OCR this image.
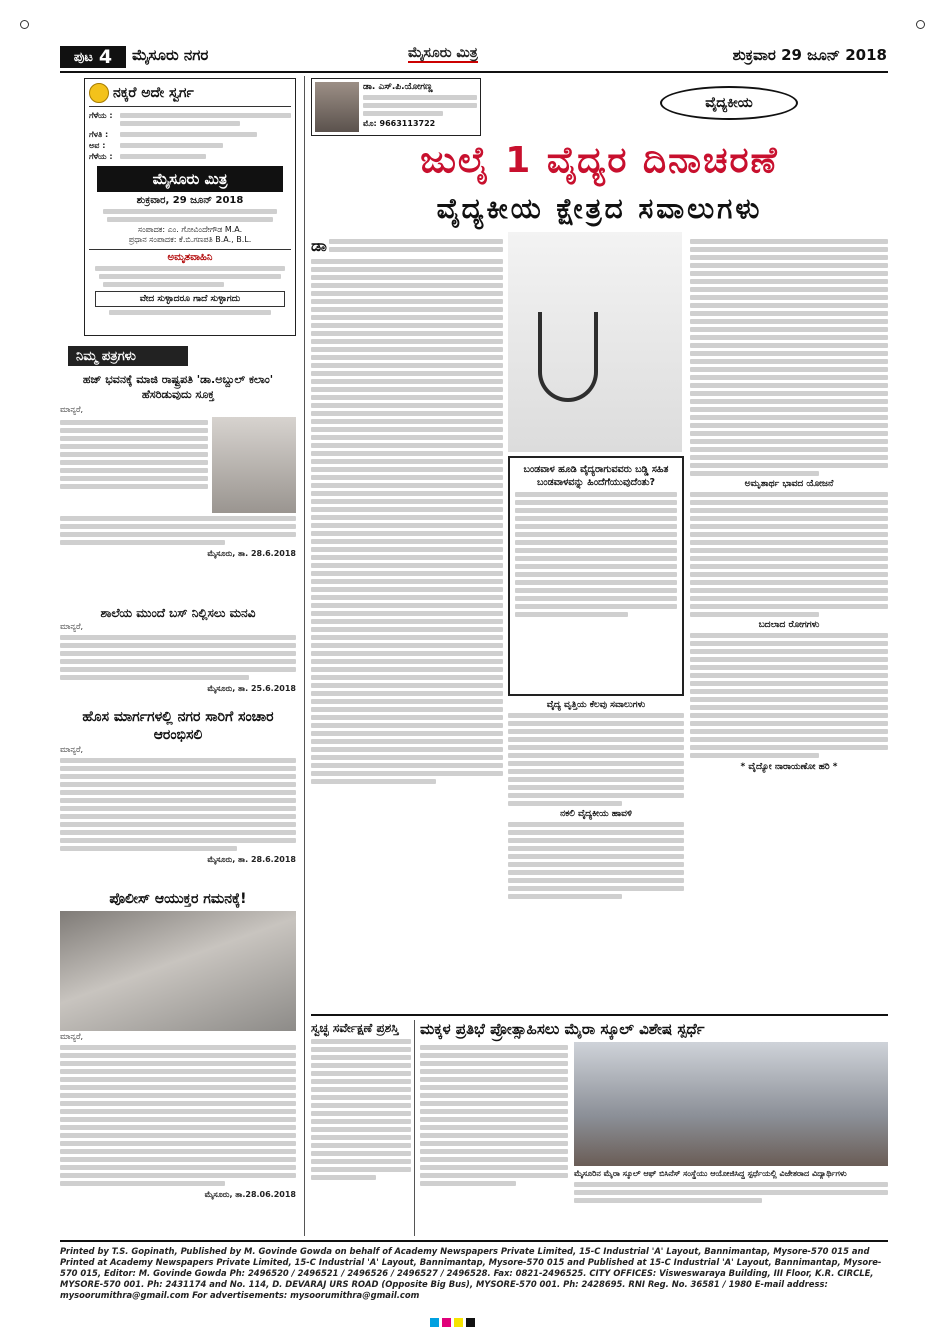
ಪುಟ 4 ಮೈಸೂರು ನಗರ	ಮೈಸೂರು ಮಿತ್ರ	ಶುಕ್ರವಾರ 29 ಜೂನ್ 2018
ನಕ್ಕರೆ ಅದೇ ಸ್ವರ್ಗ
ಗೆಳೆಯ :
ಗೆಳತಿ :
ಅವ :
ಗೆಳೆಯ :
ಮೈಸೂರು ಮಿತ್ರ
ಶುಕ್ರವಾರ, 29 ಜೂನ್ 2018
ಸಂಪಾದಕ: ಎಂ. ಗೋವಿಂದೇಗೌಡ M.A.
ಪ್ರಧಾನ ಸಂಪಾದಕ: ಕೆ.ಬಿ.ಗಣಪತಿ B.A., B.L.
ಅಮೃತವಾಹಿನಿ
ವೇದ ಸುಳ್ಳಾದರೂ ಗಾದೆ ಸುಳ್ಳಾಗದು
ನಿಮ್ಮ ಪತ್ರಗಳು
ಹಜ್ ಭವನಕ್ಕೆ ಮಾಜಿ ರಾಷ್ಟ್ರಪತಿ 'ಡಾ.ಅಬ್ದುಲ್ ಕಲಾಂ' ಹೆಸರಿಡುವುದು ಸೂಕ್ತ
ಮಾನ್ಯರೆ,
ಮೈಸೂರು, ತಾ. 28.6.2018
ಶಾಲೆಯ ಮುಂದೆ ಬಸ್ ನಿಲ್ಲಿಸಲು ಮನವಿ
ಮಾನ್ಯರೆ,
ಮೈಸೂರು, ತಾ. 25.6.2018
ಹೊಸ ಮಾರ್ಗಗಳಲ್ಲಿ ನಗರ ಸಾರಿಗೆ ಸಂಚಾರ ಆರಂಭಿಸಲಿ
ಮಾನ್ಯರೆ,
ಮೈಸೂರು, ತಾ. 28.6.2018
ಪೊಲೀಸ್ ಆಯುಕ್ತರ ಗಮನಕ್ಕೆ!
ಮಾನ್ಯರೆ,
ಮೈಸೂರು, ತಾ.28.06.2018
ಡಾ. ಎಸ್.ಪಿ.ಯೋಗಣ್ಣ
ಮೊ: 9663113722
ವೈದ್ಯಕೀಯ
ಜುಲೈ 1 ವೈದ್ಯರ ದಿನಾಚರಣೆ
ವೈದ್ಯಕೀಯ ಕ್ಷೇತ್ರದ ಸವಾಲುಗಳು
ಡಾ
ಅಮೃತಾರ್ಥ ಭಾವದ ಯೋಜನೆ
ಬದಲಾದ ರೋಗಗಳು
* ವೈದ್ಯೋ ನಾರಾಯಣೋ ಹರಿ *
ಬಂಡವಾಳ ಹೂಡಿ ವೈದ್ಯರಾಗುವವರು ಬಡ್ಡಿ ಸಹಿತ ಬಂಡವಾಳವನ್ನು ಹಿಂದೆಗೆಯುವುದೆಂತು?
ವೈದ್ಯ ವೃತ್ತಿಯ ಕೆಲವು ಸವಾಲುಗಳು
ನಕಲಿ ವೈದ್ಯಕೀಯ ಹಾವಳಿ
ಸ್ವಚ್ಛ ಸರ್ವೇಕ್ಷಣೆ ಪ್ರಶಸ್ತಿ	ಮಕ್ಕಳ ಪ್ರತಿಭೆ ಪ್ರೋತ್ಸಾಹಿಸಲು ಮೈರಾ ಸ್ಕೂಲ್ ವಿಶೇಷ ಸ್ಪರ್ಧೆ
ಮೈಸೂರಿನ ಮೈರಾ ಸ್ಕೂಲ್ ಆಫ್ ಬಿಸಿನೆಸ್ ಸಂಸ್ಥೆಯು ಆಯೋಜಿಸಿದ್ದ ಸ್ಪರ್ಧೆಯಲ್ಲಿ ವಿಜೇತರಾದ ವಿದ್ಯಾರ್ಥಿಗಳು
Printed by T.S. Gopinath, Published by M. Govinde Gowda on behalf of Academy Newspapers Private Limited, 15-C Industrial 'A' Layout, Bannimantap, Mysore-570 015 and Printed at Academy Newspapers Private Limited, 15-C Industrial 'A' Layout, Bannimantap, Mysore-570 015 and Published at 15-C Industrial 'A' Layout, Bannimantap, Mysore-570 015, Editor: M. Govinde Gowda Ph: 2496520 / 2496521 / 2496526 / 2496527 / 2496528. Fax: 0821-2496525. CITY OFFICES: Visweswaraya Building, III Floor, K.R. CIRCLE, MYSORE-570 001. Ph: 2431174 and No. 114, D. DEVARAJ URS ROAD (Opposite Big Bus), MYSORE-570 001. Ph: 2428695. RNI Reg. No. 36581 / 1980 E-mail address: mysoorumithra@gmail.com For advertisements: mysoorumithra@gmail.com
